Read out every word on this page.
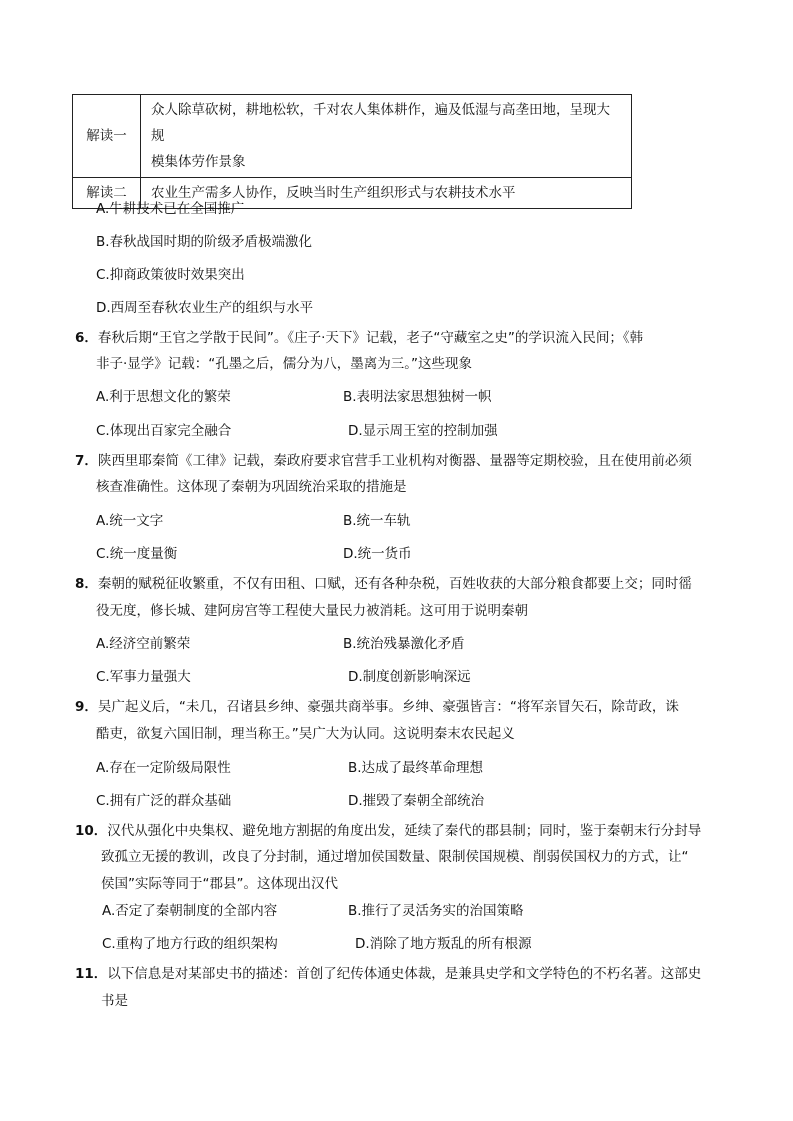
解读一	众人除草砍树，耕地松软，千对农人集体耕作，遍及低湿与高垄田地，呈现大规
模集体劳作景象

解读二	农业生产需多人协作，反映当时生产组织形式与农耕技术水平
A.牛耕技术已在全国推广
B.春秋战国时期的阶级矛盾极端激化
C.抑商政策彼时效果突出
D.西周至春秋农业生产的组织与水平
6．春秋后期“王官之学散于民间”。《庄子·天下》记载，老子“守藏室之史”的学识流入民间；《韩
非子·显学》记载：“孔墨之后，儒分为八，墨离为三。”这些现象
A.利于思想文化的繁荣	B.表明法家思想独树一帜
C.体现出百家完全融合	D.显示周王室的控制加强
7．陕西里耶秦简《工律》记载，秦政府要求官营手工业机构对衡器、量器等定期校验，且在使用前必须
核查准确性。这体现了秦朝为巩固统治采取的措施是
A.统一文字	B.统一车轨
C.统一度量衡	D.统一货币
8．秦朝的赋税征收繁重，不仅有田租、口赋，还有各种杂税，百姓收获的大部分粮食都要上交；同时徭
役无度，修长城、建阿房宫等工程使大量民力被消耗。这可用于说明秦朝
A.经济空前繁荣	B.统治残暴激化矛盾
C.军事力量强大	D.制度创新影响深远
9．吴广起义后，“未几，召诸县乡绅、豪强共商举事。乡绅、豪强皆言：“将军亲冒矢石，除苛政，诛
酷吏，欲复六国旧制，理当称王。”吴广大为认同。这说明秦末农民起义
A.存在一定阶级局限性	B.达成了最终革命理想
C.拥有广泛的群众基础	D.摧毁了秦朝全部统治
10．汉代从强化中央集权、避免地方割据的角度出发，延续了秦代的郡县制；同时，鉴于秦朝末行分封导
致孤立无援的教训，改良了分封制，通过增加侯国数量、限制侯国规模、削弱侯国权力的方式，让“
侯国”实际等同于“郡县”。这体现出汉代
A.否定了秦朝制度的全部内容	B.推行了灵活务实的治国策略
C.重构了地方行政的组织架构	D.消除了地方叛乱的所有根源
11．以下信息是对某部史书的描述：首创了纪传体通史体裁，是兼具史学和文学特色的不朽名著。这部史
书是
